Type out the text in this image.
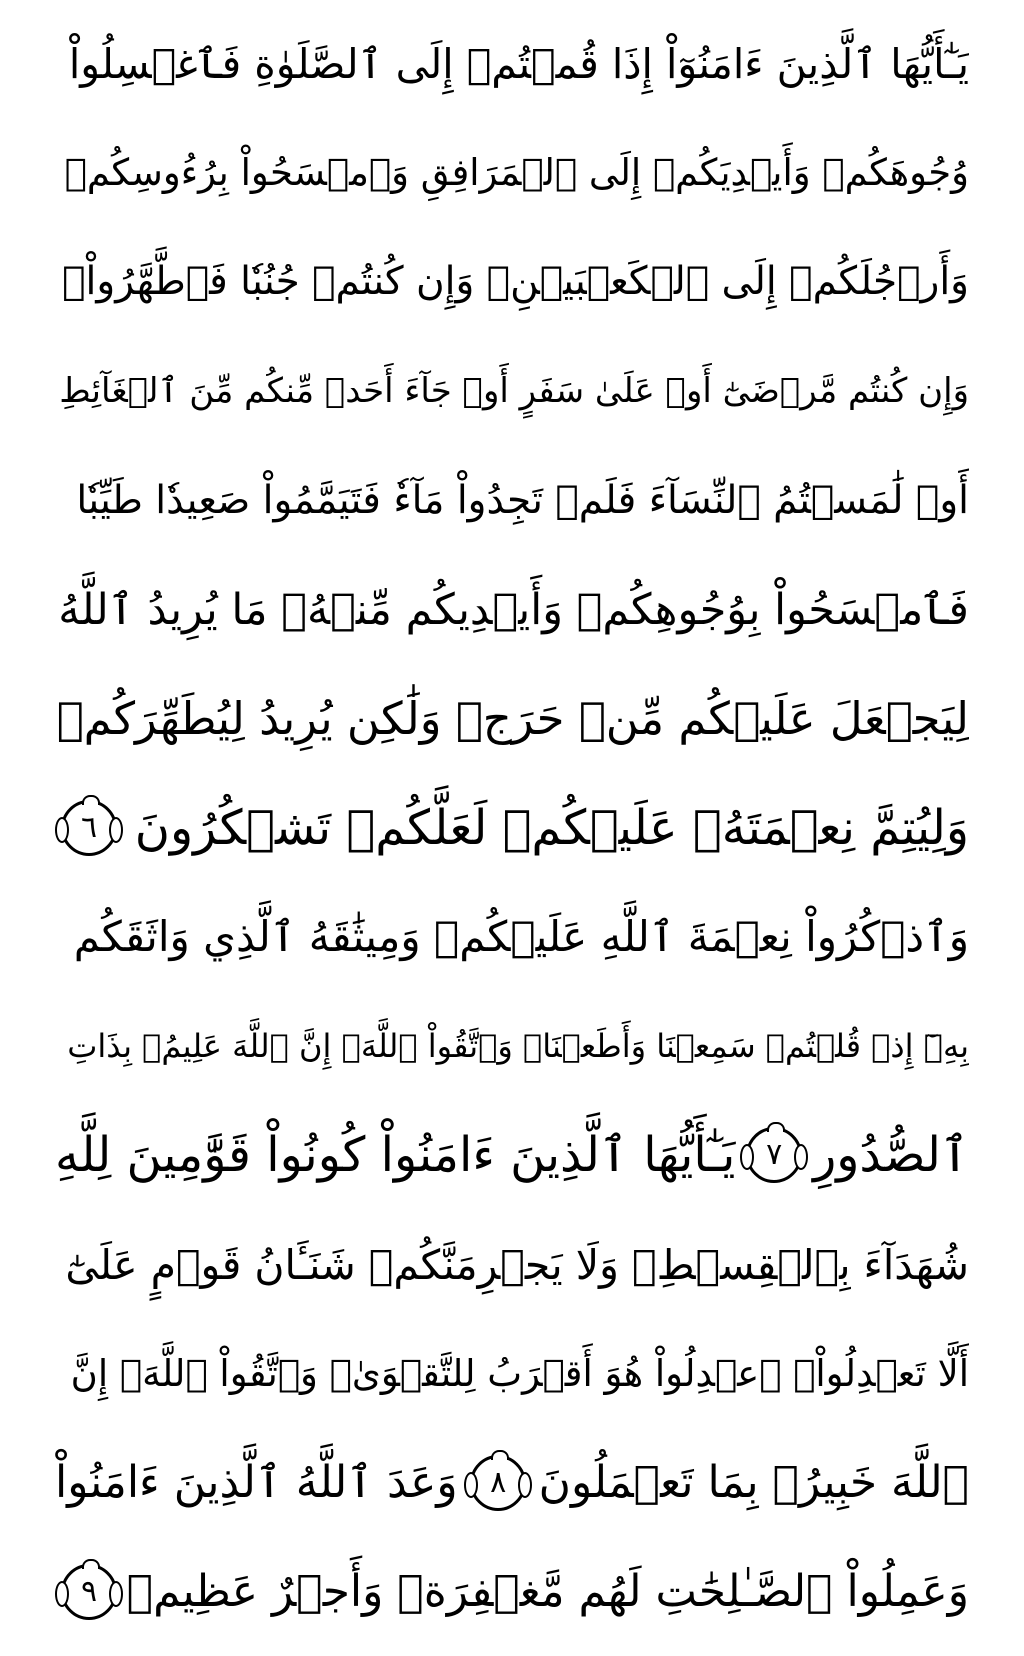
يَـٰٓأَيُّهَا ٱلَّذِينَ ءَامَنُوٓاْ إِذَا قُمۡتُمۡ إِلَى ٱلصَّلَوٰةِ فَٱغۡسِلُواْ
وُجُوهَكُمۡ وَأَيۡدِيَكُمۡ إِلَى ٱلۡمَرَافِقِ وَٱمۡسَحُواْ بِرُءُوسِكُمۡ
وَأَرۡجُلَكُمۡ إِلَى ٱلۡكَعۡبَيۡنِۚ وَإِن كُنتُمۡ جُنُبٗا فَٱطَّهَّرُواْۚ
وَإِن كُنتُم مَّرۡضَىٰٓ أَوۡ عَلَىٰ سَفَرٍ أَوۡ جَآءَ أَحَدٞ مِّنكُم مِّنَ ٱلۡغَآئِطِ
أَوۡ لَٰمَسۡتُمُ ٱلنِّسَآءَ فَلَمۡ تَجِدُواْ مَآءٗ فَتَيَمَّمُواْ صَعِيدٗا طَيِّبٗا
فَٱمۡسَحُواْ بِوُجُوهِكُمۡ وَأَيۡدِيكُم مِّنۡهُۚ مَا يُرِيدُ ٱللَّهُ
لِيَجۡعَلَ عَلَيۡكُم مِّنۡ حَرَجٖ وَلَٰكِن يُرِيدُ لِيُطَهِّرَكُمۡ
وَلِيُتِمَّ نِعۡمَتَهُۥ عَلَيۡكُمۡ لَعَلَّكُمۡ تَشۡكُرُونَ
٦
وَٱذۡكُرُواْ نِعۡمَةَ ٱللَّهِ عَلَيۡكُمۡ وَمِيثَٰقَهُ ٱلَّذِي وَاثَقَكُم
بِهِۦٓ إِذۡ قُلۡتُمۡ سَمِعۡنَا وَأَطَعۡنَاۖ وَٱتَّقُواْ ٱللَّهَۚ إِنَّ ٱللَّهَ عَلِيمُۢ بِذَاتِ
ٱلصُّدُورِ
٧
يَـٰٓأَيُّهَا ٱلَّذِينَ ءَامَنُواْ كُونُواْ قَوَّٰمِينَ لِلَّهِ
شُهَدَآءَ بِٱلۡقِسۡطِۖ وَلَا يَجۡرِمَنَّكُمۡ شَنَـَٔانُ قَوۡمٍ عَلَىٰٓ
أَلَّا تَعۡدِلُواْۚ ٱعۡدِلُواْ هُوَ أَقۡرَبُ لِلتَّقۡوَىٰۖ وَٱتَّقُواْ ٱللَّهَۚ إِنَّ
ٱللَّهَ خَبِيرُۢ بِمَا تَعۡمَلُونَ
٨
وَعَدَ ٱللَّهُ ٱلَّذِينَ ءَامَنُواْ
وَعَمِلُواْ ٱلصَّـٰلِحَٰتِ لَهُم مَّغۡفِرَةٞ وَأَجۡرٌ عَظِيمٞ
٩
